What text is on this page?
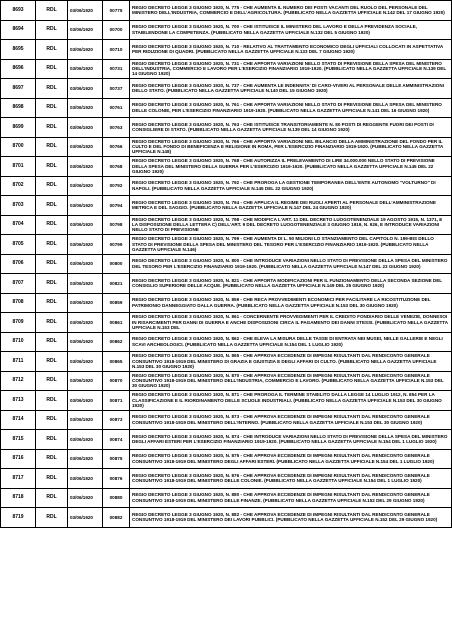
8693	RDL	03/06/1920	00775	REGIO DECRETO LEGGE 3 GIUGNO 1920, N. 775 - CHE AUMENTA IL NUMERO DEI POSTI VACANTI DEL RUOLO DEL PERSONALE DEL MINISTERO DELL'INDUSTRIA, COMMERCIO E DELL'AGRICOLTURA. (PUBBLICATO NELLA GAZZETTA UFFICIALE N.142 DEL 17 GIUGNO 1920)
8694	RDL	03/06/1920	00700	REGIO DECRETO LEGGE 3 GIUGNO 1920, N. 700 - CHE ISTITUISCE IL MINISTERO DEL LAVORO E DELLA PREVIDENZA SOCIALE, STABILENDONE LA COMPETENZA. (PUBBLICATO NELLA GAZZETTA UFFICIALE N.132 DEL 5 GIUGNO 1920)
8695	RDL	03/06/1920	00710	REGIO DECRETO LEGGE 3 GIUGNO 1920, N. 710 - RELATIVO AL TRATTAMENTO ECONOMICO DEGLI UFFICIALI COLLOCATI IN ASPETTATIVA PER RIDUZIONE DI QUADRI. (PUBBLICATO NELLA GAZZETTA UFFICIALE N.133 DEL 7 GIUGNO 1920)
8696	RDL	03/06/1920	00731	REGIO DECRETO LEGGE 3 GIUGNO 1920, N. 731 - CHE APPORTA VARIAZIONI NELLO STATO DI PREVISIONE DELLA SPESA DEL MINISTERO DELL'INDUSTRIA, COMMERCIO E LAVORO PER L'ESERCIZIO FINANZIARIO 1919-1920. (PUBBLICATO NELLA GAZZETTA UFFICIALE N.139 DEL 14 GIUGNO 1920)
8697	RDL	03/06/1920	00737	REGIO DECRETO LEGGE 3 GIUGNO 1920, N. 737 - CHE AUMENTA LE INDENNITA' DI CARO-VIVERI AL PERSONALE DELLE AMMINISTRAZIONI DELLO STATO. (PUBBLICATO NELLA GAZZETTA UFFICIALE N.140 DEL 15 GIUGNO 1920)
8698	RDL	03/06/1920	00761	REGIO DECRETO LEGGE 3 GIUGNO 1920, N. 761 - CHE APPORTA VARIAZIONI NELLO STATO DI PREVISIONE DELLA SPESA DEL MINISTERO DELLE COLONIE, PER L'ESERCIZIO FINANZIARIO 1919-1920. (PUBBLICATO NELLA GAZZETTA UFFICIALE N.141 DEL 16 GIUGNO 1920)
8699	RDL	03/06/1920	00763	REGIO DECRETO LEGGE 3 GIUGNO 1920, N. 763 - CHE ISTITUISCE TRANSITORIAMENTE N. 80 POSTI DI REGGENTE FUORI DEI POSTI DI CONSIGLIERE DI STATO. (PUBBLICATO NELLA GAZZETTA UFFICIALE N.139 DEL 14 GIUGNO 1920)
8700	RDL	03/06/1920	00766	REGIO DECRETO LEGGE 3 GIUGNO 1920, N. 766 - CHE APPORTA VARIAZIONI NEL BILANCIO DELLA AMMINISTRAZIONE DEL FONDO PER IL CULTO E DEL FONDO DI BENEFICENZA E RELIGIONE IN ROMA, PER L'ESERCIZIO FINANZIARIO 1919-1920. (PUBBLICATO NELLA GAZZETTA UFFICIALE N.148)
8701	RDL	03/06/1920	00768	REGIO DECRETO LEGGE 3 GIUGNO 1920, N. 768 - CHE AUTORIZZA IL PRELEVAMENTO DI LIRE 34.000.000 NELLO STATO DI PREVISIONE DELLA SPESA DEL MINISTERO DELLA GUERRA PER L'ESERCIZIO 1919-1920. (PUBBLICATO NELLA GAZZETTA UFFICIALE N.145 DEL 22 GIUGNO 1920)
8702	RDL	03/06/1920	00792	REGIO DECRETO LEGGE 3 GIUGNO 1920, N. 792 - CHE PROROGA LA GESTIONE TEMPORANEA DELL'ENTE AUTONOMO "VOLTURNO" DI NAPOLI. (PUBBLICATO NELLA GAZZETTA UFFICIALE N.145 DEL 22 GIUGNO 1920)
8703	RDL	03/06/1920	00794	REGIO DECRETO LEGGE 3 GIUGNO 1920, N. 794 - CHE APPLICA IL REGIME DEI RUOLI APERTI AL PERSONALE DELL'AMMINISTRAZIONE METRICA E DEL SAGGIO. (PUBBLICATO NELLA GAZZETTA UFFICIALE N.147 DEL 24 GIUGNO 1920)
8704	RDL	03/06/1920	00798	REGIO DECRETO LEGGE 3 GIUGNO 1920, N. 798 - CHE MODIFICA L'ART. 11 DEL DECRETO LUOGOTENENZIALE 19 AGOSTO 1915, N. 1371, E LA DISPOSIZIONE DELLA LETTERA C) DELL'ART. 9 DEL DECRETO LUOGOTENENZIALE 3 GIUGNO 1919, N. 926, E INTRODUCE VARIAZIONI NELLO STATO DI PREVISIONE
8705	RDL	03/06/1920	00799	REGIO DECRETO LEGGE 3 GIUGNO 1920, N. 799 - CHE AUMENTA DI L. 50 MILIONI LO STANZIAMENTO DEL CAPITOLO N. 199-BIS DELLO STATO DI PREVISIONE DELLA SPESA DEL MINISTERO DEL TESORO PER L'ESERCIZIO FINANZIARIO 1919-1920. (PUBBLICATO NELLA GAZZETTA UFFICIALE N.146)
8706	RDL	03/06/1920	00800	REGIO DECRETO LEGGE 3 GIUGNO 1920, N. 800 - CHE INTRODUCE VARIAZIONI NELLO STATO DI PREVISIONE DELLA SPESA DEL MINISTERO DEL TESORO PER L'ESERCIZIO FINANZIARIO 1919-1920. (PUBBLICATO NELLA GAZZETTA UFFICIALE N.147 DEL 23 GIUGNO 1920)
8707	RDL	03/06/1920	00821	REGIO DECRETO LEGGE 3 GIUGNO 1920, N. 821 - CHE APPORTA MODIFICAZIONI PER IL FUNZIONAMENTO DELLA SECONDA SEZIONE DEL CONSIGLIO SUPERIORE DELLE ACQUE. (PUBBLICATO NELLA GAZZETTA UFFICIALE N.149 DEL 25 GIUGNO 1920)
8708	RDL	03/06/1920	00859	REGIO DECRETO LEGGE 3 GIUGNO 1920, N. 859 - CHE RECA PROVVEDIMENTI ECONOMICI PER FACILITARE LA RICOSTITUZIONE DEL PATRIMONIO DANNEGGIATO DALLA GUERRA. (PUBBLICATO NELLA GAZZETTA UFFICIALE N.153 DEL 30 GIUGNO 1920)
8709	RDL	03/06/1920	00861	REGIO DECRETO LEGGE 3 GIUGNO 1920, N. 861 - CONCERNENTE PROVVEDIMENTI PER IL CREDITO FONDIARIO DELLE VENEZIE, DONNESOI IN RISARCIMENTI PER DANNI DI GUERRA E ANCHE DISPOSIZIONI CIRCA IL PAGAMENTO DEI DANNI STESSI. (PUBBLICATO NELLA GAZZETTA UFFICIALE N.153 DEL
8710	RDL	03/06/1920	00862	REGIO DECRETO LEGGE 3 GIUGNO 1920, N. 862 - CHE ELEVA LA MISURA DELLE TASSE DI ENTRATA NEI MUSEI, NELLE GALLERIE E NEGLI SCAVI ARCHEOLOGICI. (PUBBLICATO NELLA GAZZETTA UFFICIALE N.154 DEL 1 LUGLIO 1920)
8711	RDL	03/06/1920	00865	REGIO DECRETO LEGGE 3 GIUGNO 1920, N. 865 - CHE APPROVA ECCEDENZE DI IMPEGNI RISULTANTI DAL RENDICONTO GENERALE CONSUNTIVO 1918-1919 DEL MINISTERO DI GRAZIA E GIUSTIZIA E DEGLI AFFARI DI CULTO. (PUBBLICATO NELLA GAZZETTA UFFICIALE N.153 DEL 30 GIUGNO 1920)
8712	RDL	03/06/1920	00870	REGIO DECRETO LEGGE 3 GIUGNO 1920, N. 870 - CHE APPROVA ECCEDENZE DI IMPEGNI RISULTANTI DAL RENDICONTO GENERALE CONSUNTIVO 1918-1919 DEL MINISTERO DELL'INDUSTRIA, COMMERCIO E LAVORO. (PUBBLICATO NELLA GAZZETTA UFFICIALE N.153 DEL 30 GIUGNO 1920)
8713	RDL	03/06/1920	00871	REGIO DECRETO LEGGE 3 GIUGNO 1920, N. 871 - CHE PROROGA IL TERMINE STABILITO DALLA LEGGE 14 LUGLIO 1912, N. 854 PER LA CLASSIFICAZIONE E IL RIORDINAMENTO DELLE SCUOLE INDUSTRIALI. (PUBBLICATO NELLA GAZZETTA UFFICIALE N.153 DEL 30 GIUGNO 1920)
8714	RDL	03/06/1920	00873	REGIO DECRETO LEGGE 3 GIUGNO 1920, N. 873 - CHE APPROVA ECCEDENZE DI IMPEGNI RISULTANTI DAL RENDICONTO GENERALE CONSUNTIVO 1918-1919 DEL MINISTERO DELL'INTERNO. (PUBBLICATO NELLA GAZZETTA UFFICIALE N.153 DEL 30 GIUGNO 1920)
8715	RDL	03/06/1920	00874	REGIO DECRETO LEGGE 3 GIUGNO 1920, N. 874 - CHE INTRODUCE VARIAZIONI NELLO STATO DI PREVISIONE DELLA SPESA DEL MINISTERO DEGLI AFFARI ESTERI PER L'ESERCIZIO FINANZIARIO 1919-1920. (PUBBLICATO NELLA GAZZETTA UFFICIALE N.154 DEL 1 LUGLIO 1920)
8716	RDL	03/06/1920	00875	REGIO DECRETO LEGGE 3 GIUGNO 1920, N. 875 - CHE APPROVA ECCEDENZE DI IMPEGNI RISULTANTI DAL RENDICONTO GENERALE CONSUNTIVO 1918-1919 DEL MINISTERO DEGLI AFFARI ESTERI. (PUBBLICATO NELLA GAZZETTA UFFICIALE N.154 DEL 1 LUGLIO 1920)
8717	RDL	03/06/1920	00876	REGIO DECRETO LEGGE 3 GIUGNO 1920, N. 876 - CHE APPROVA ECCEDENZE DI IMPEGNI RISULTANTI DAL RENDICONTO GENERALE CONSUNTIVO 1918-1919 DEL MINISTERO DELLE COLONIE. (PUBBLICATO NELLA GAZZETTA UFFICIALE N.154 DEL 1 LUGLIO 1920)
8718	RDL	03/06/1920	00880	REGIO DECRETO LEGGE 3 GIUGNO 1920, N. 880 - CHE APPROVA ECCEDENZE DI IMPEGNI RISULTANTI DAL RENDICONTO GENERALE CONSUNTIVO 1918-1919 DEL MINISTERO DELLE FINANZE. (PUBBLICATO NELLA GAZZETTA UFFICIALE N.152 DEL 29 GIUGNO 1920)
8719	RDL	03/06/1920	00882	REGIO DECRETO LEGGE 3 GIUGNO 1920, N. 882 - CHE APPROVA ECCEDENZE DI IMPEGNI RISULTANTI DAL RENDICONTO GENERALE CONSUNTIVO 1918-1919 DEL MINISTERO DEI LAVORI PUBBLICI. (PUBBLICATO NELLA GAZZETTA UFFICIALE N.152 DEL 29 GIUGNO 1920)
